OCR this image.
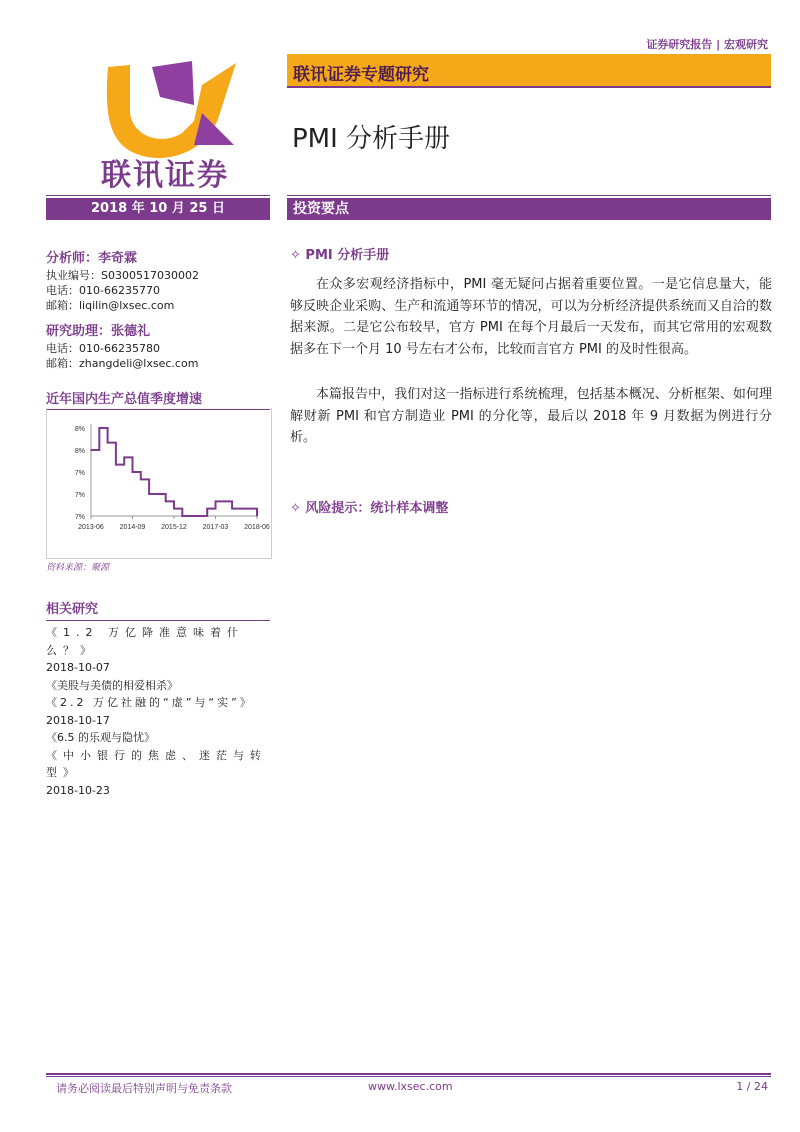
证券研究报告 | 宏观研究
联讯证券
联讯证券专题研究
PMI 分析手册
2018 年 10 月 25 日	投资要点
分析师：李奇霖
执业编号：S0300517030002
电话：010-66235770
邮箱：liqilin@lxsec.com
研究助理：张德礼
电话：010-66235780
邮箱：zhangdeli@lxsec.com
近年国内生产总值季度增速
7%
7%
7%
8%
8%
2013-06 2014-09 2015-12 2017-03 2018-06
资料来源：聚源
相关研究
《1.2 万亿降准意味着什么？》
2018-10-07
《美股与美债的相爱相杀》
《2.2 万亿社融的“虚”与“实”》
2018-10-17
《6.5 的乐观与隐忧》
《中小银行的焦虑、迷茫与转型》
2018-10-23
✧ PMI 分析手册
在众多宏观经济指标中，PMI 毫无疑问占据着重要位置。一是它信息量大，能够反映企业采购、生产和流通等环节的情况，可以为分析经济提供系统而又自洽的数据来源。二是它公布较早，官方 PMI 在每个月最后一天发布，而其它常用的宏观数据多在下一个月 10 号左右才公布，比较而言官方 PMI 的及时性很高。
本篇报告中，我们对这一指标进行系统梳理，包括基本概况、分析框架、如何理解财新 PMI 和官方制造业 PMI 的分化等，最后以 2018 年 9 月数据为例进行分析。
✧ 风险提示：统计样本调整
请务必阅读最后特别声明与免责条款	www.lxsec.com	1 / 24
